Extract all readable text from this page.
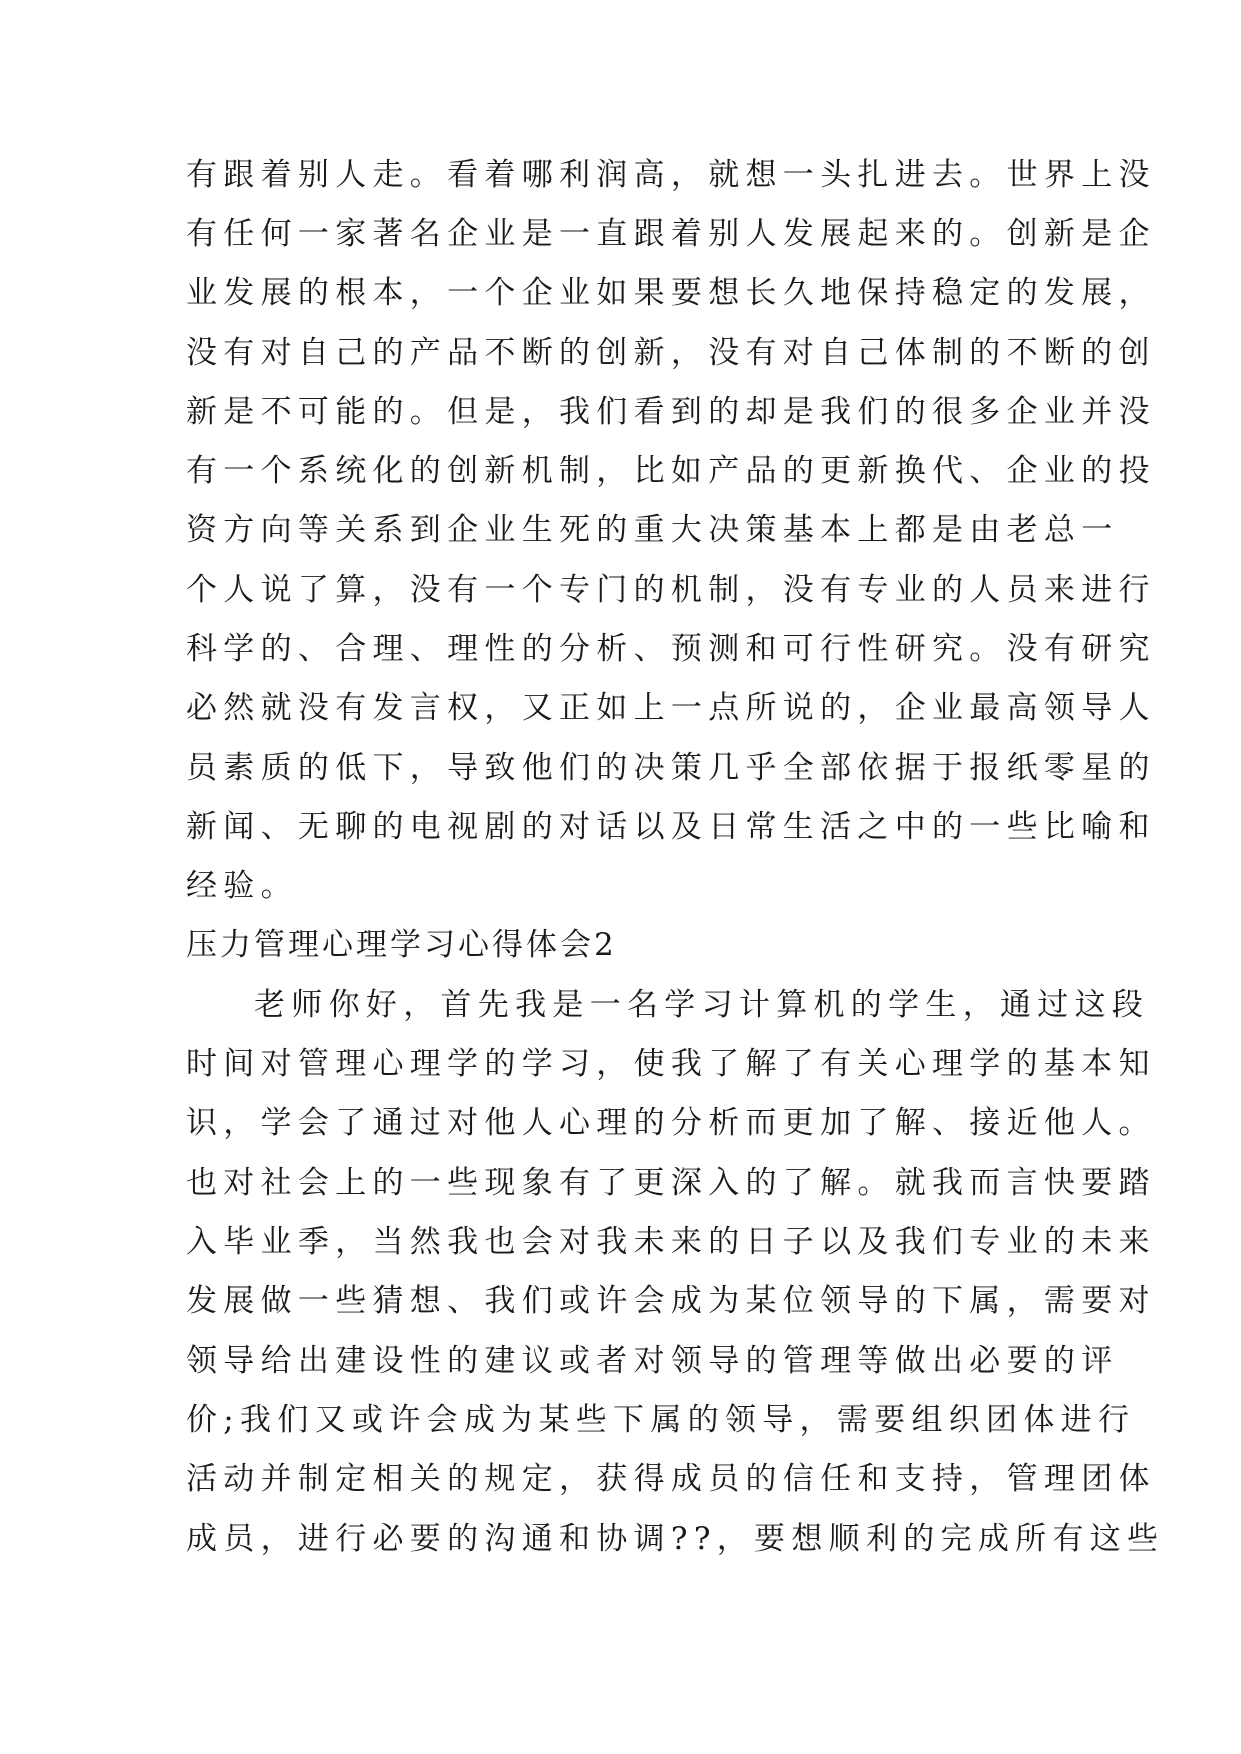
有跟着别人走。看着哪利润高，就想一头扎进去。世界上没
有任何一家著名企业是一直跟着别人发展起来的。创新是企
业发展的根本，一个企业如果要想长久地保持稳定的发展，
没有对自己的产品不断的创新，没有对自己体制的不断的创
新是不可能的。但是，我们看到的却是我们的很多企业并没
有一个系统化的创新机制，比如产品的更新换代、企业的投
资方向等关系到企业生死的重大决策基本上都是由老总一
个人说了算，没有一个专门的机制，没有专业的人员来进行
科学的、合理、理性的分析、预测和可行性研究。没有研究
必然就没有发言权，又正如上一点所说的，企业最高领导人
员素质的低下，导致他们的决策几乎全部依据于报纸零星的
新闻、无聊的电视剧的对话以及日常生活之中的一些比喻和
经验。
压力管理心理学习心得体会2
老师你好，首先我是一名学习计算机的学生，通过这段
时间对管理心理学的学习，使我了解了有关心理学的基本知
识，学会了通过对他人心理的分析而更加了解、接近他人。
也对社会上的一些现象有了更深入的了解。就我而言快要踏
入毕业季，当然我也会对我未来的日子以及我们专业的未来
发展做一些猜想、我们或许会成为某位领导的下属，需要对
领导给出建设性的建议或者对领导的管理等做出必要的评
价;我们又或许会成为某些下属的领导，需要组织团体进行
活动并制定相关的规定，获得成员的信任和支持，管理团体
成员，进行必要的沟通和协调??，要想顺利的完成所有这些
